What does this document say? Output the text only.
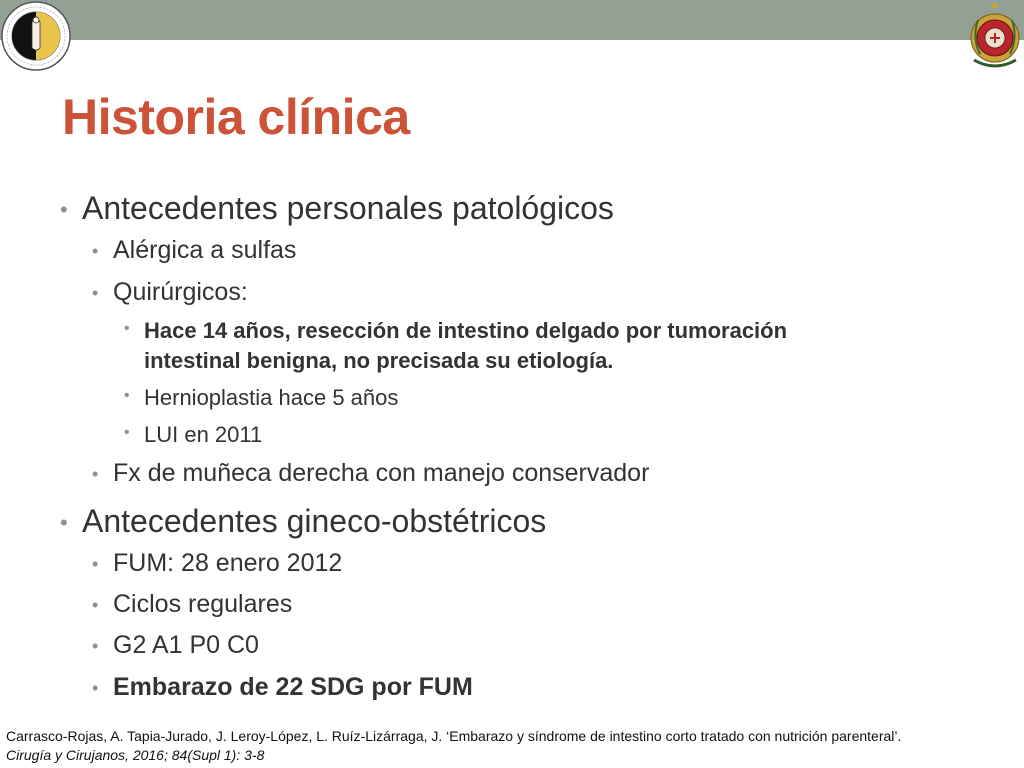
Historia clínica
• Antecedentes personales patológicos
• Alérgica a sulfas
• Quirúrgicos:
• Hace 14 años, resección de intestino delgado por tumoración
intestinal benigna, no precisada su etiología.
• Hernioplastia hace 5 años
• LUI en 2011
• Fx de muñeca derecha con manejo conservador
• Antecedentes gineco-obstétricos
• FUM: 28 enero 2012
• Ciclos regulares
• G2 A1 P0 C0
• Embarazo de 22 SDG por FUM
Carrasco-Rojas, A. Tapia-Jurado, J. Leroy-López, L. Ruíz-Lizárraga, J. ‘Embarazo y síndrome de intestino corto tratado con nutrición parenteral’.
Cirugía y Cirujanos, 2016; 84(Supl 1): 3-8
